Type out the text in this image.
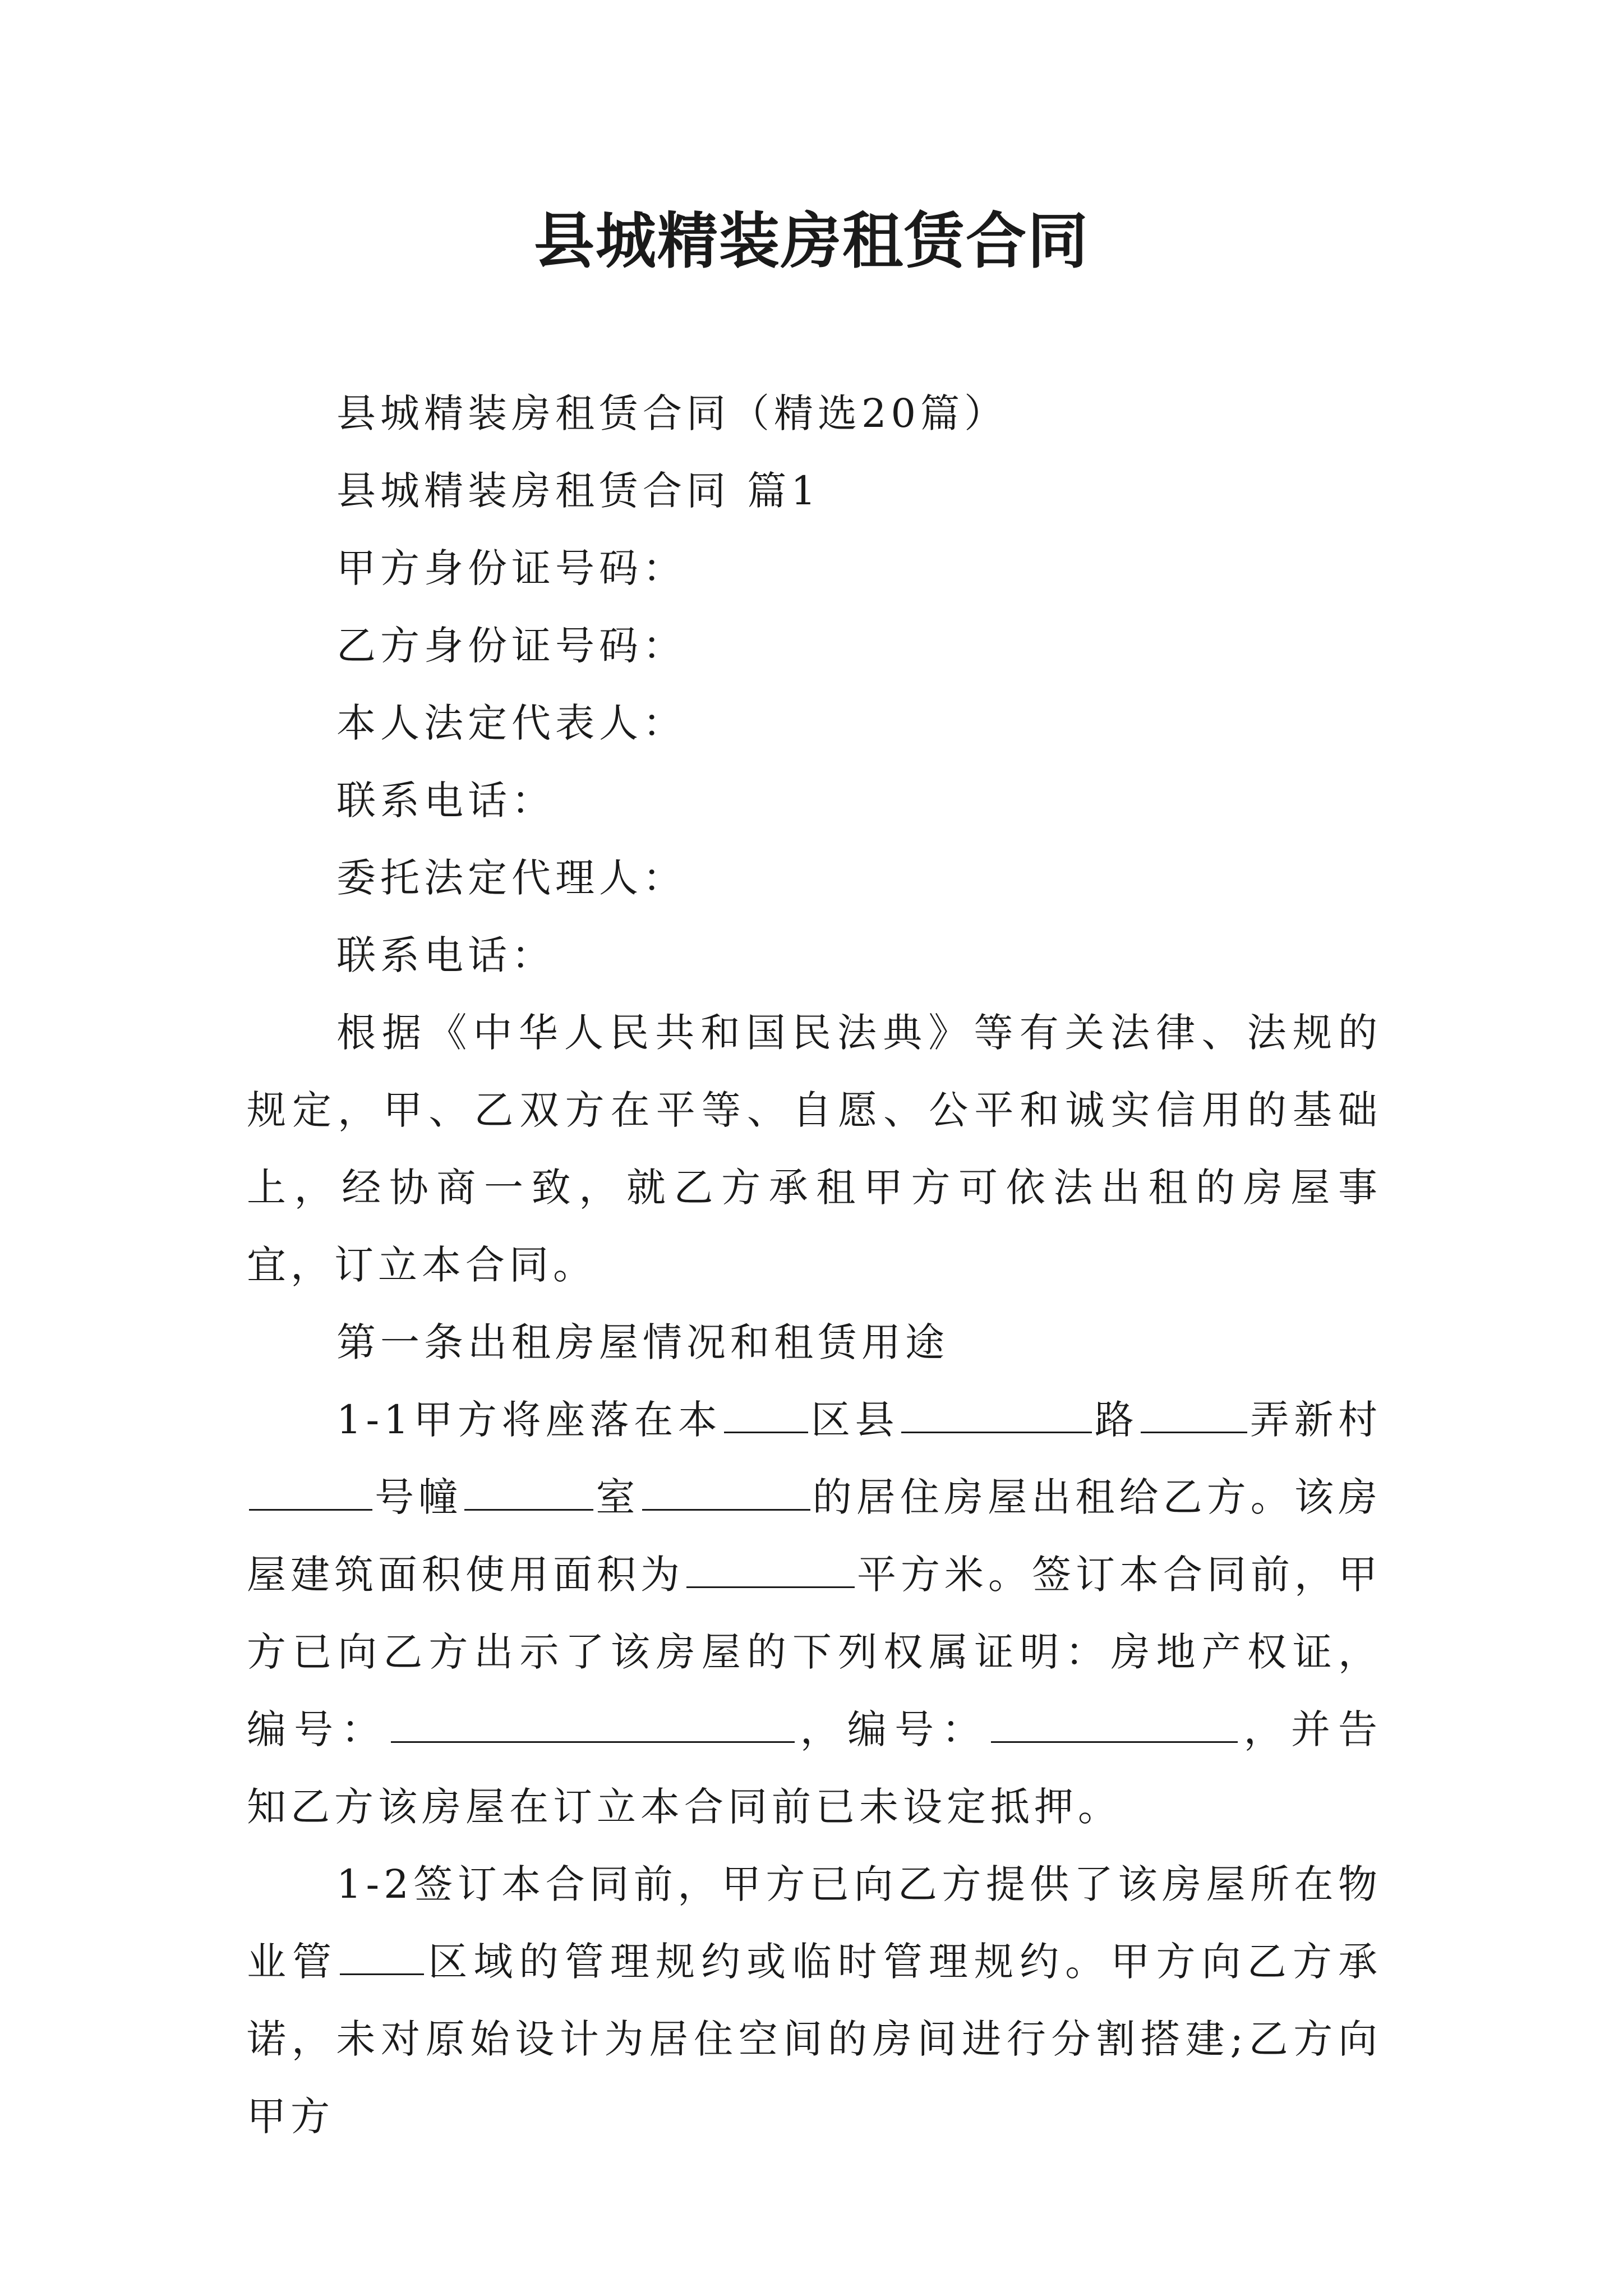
县城精装房租赁合同

县城精装房租赁合同（精选20篇）

县城精装房租赁合同 篇1

甲方身份证号码：

乙方身份证号码：

本人法定代表人：

联系电话：

委托法定代理人：

联系电话：

根据《中华人民共和国民法典》等有关法律、法规的规定，甲、乙双方在平等、自愿、公平和诚实信用的基础上，经协商一致，就乙方承租甲方可依法出租的房屋事宜，订立本合同。

第一条出租房屋情况和租赁用途

1-1甲方将座落在本 区县	路	弄新村号幢	室	的居住房屋出租给乙方。该房屋建筑面积使用面积为	平方米。签订本合同前，甲方已向乙方出示了该房屋的下列权属证明：房地产权证，编号：	，编号：	，并告知乙方该房屋在订立本合同前已未设定抵押。

1-2签订本合同前，甲方已向乙方提供了该房屋所在物业管 区域的管理规约或临时管理规约。甲方向乙方承诺，未对原始设计为居住空间的房间进行分割搭建;乙方向甲方
